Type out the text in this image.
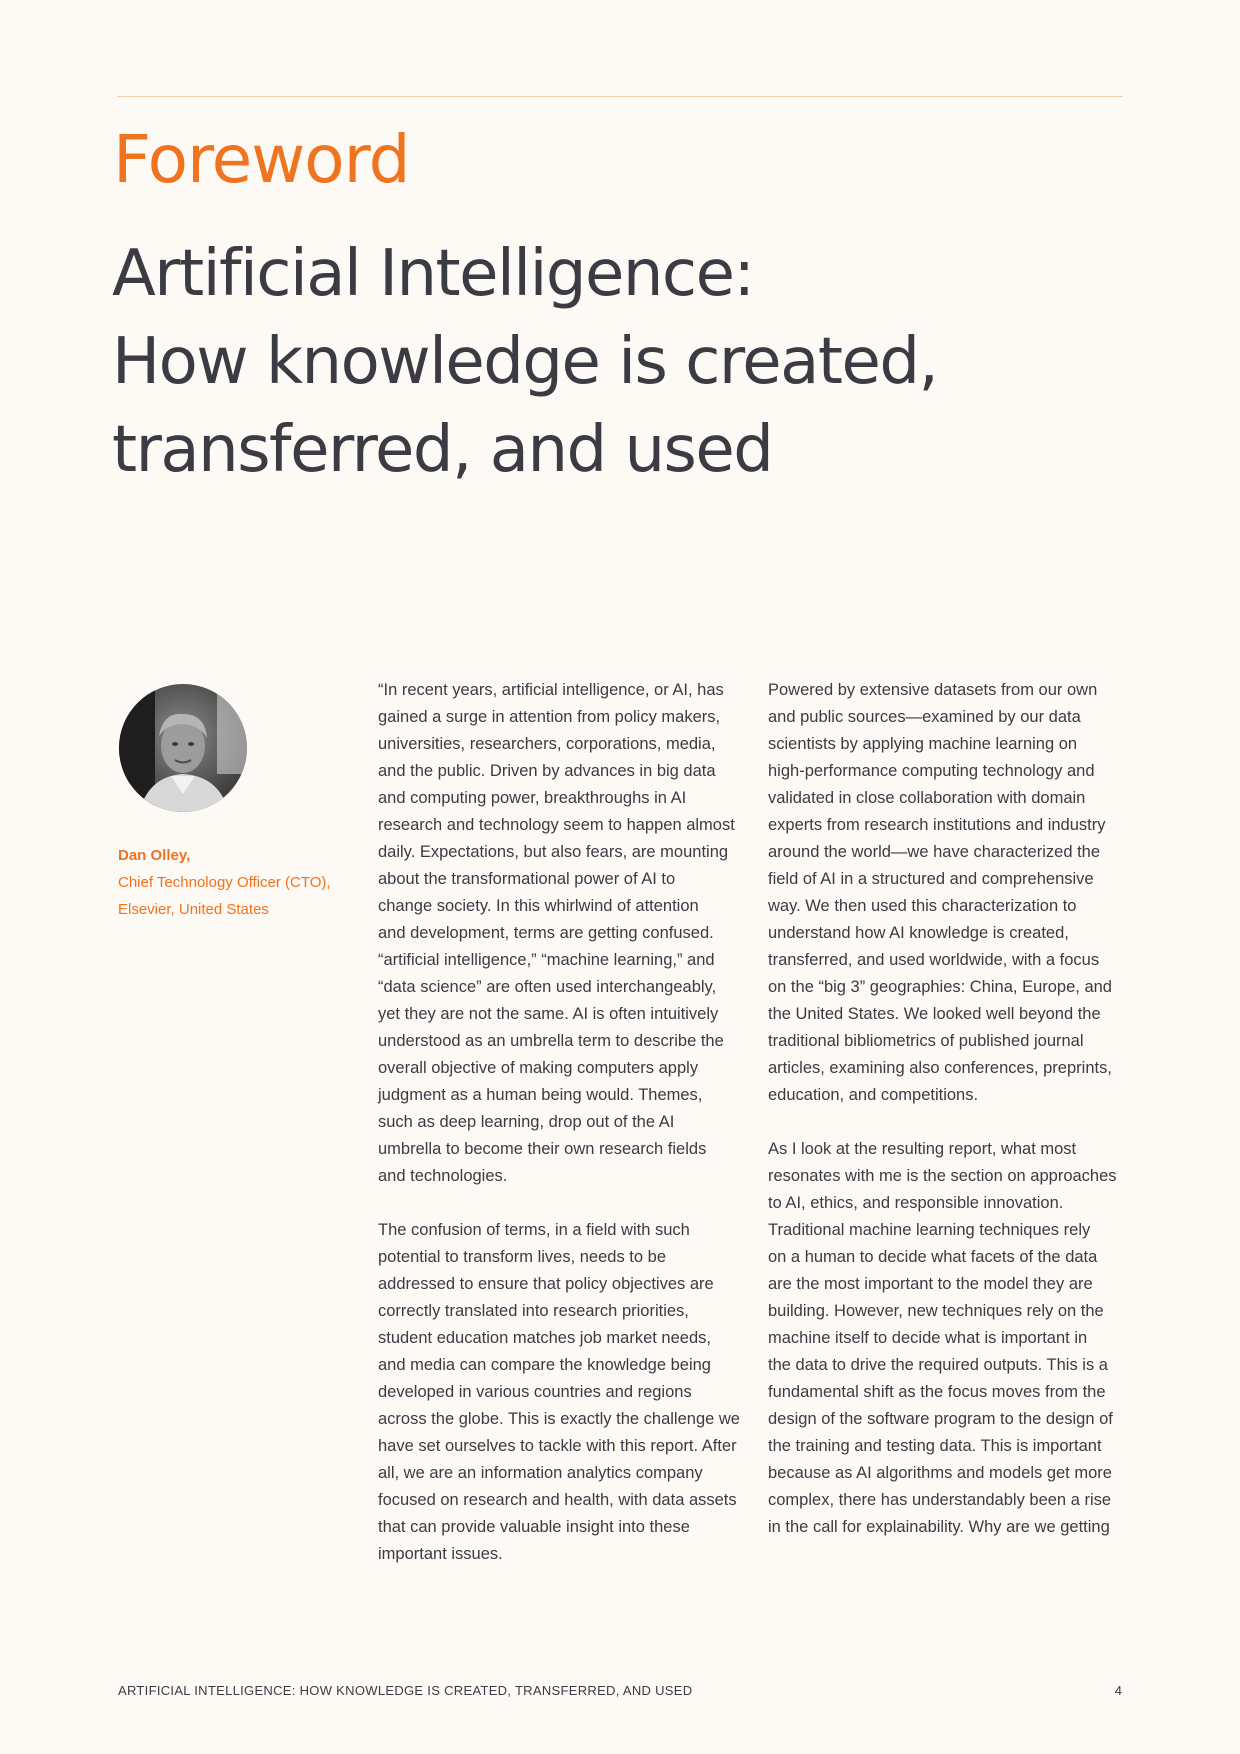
Foreword
Artificial Intelligence:
How knowledge is created,
transferred, and used
Dan Olley,
Chief Technology Officer (CTO),
Elsevier, United States
“In recent years, artificial intelligence, or AI, has
gained a surge in attention from policy makers,
universities, researchers, corporations, media,
and the public. Driven by advances in big data
and computing power, breakthroughs in AI
research and technology seem to happen almost
daily. Expectations, but also fears, are mounting
about the transformational power of AI to
change society. In this whirlwind of attention
and development, terms are getting confused.
“artificial intelligence,” “machine learning,” and
“data science” are often used interchangeably,
yet they are not the same. AI is often intuitively
understood as an umbrella term to describe the
overall objective of making computers apply
judgment as a human being would. Themes,
such as deep learning, drop out of the AI
umbrella to become their own research fields
and technologies.
The confusion of terms, in a field with such
potential to transform lives, needs to be
addressed to ensure that policy objectives are
correctly translated into research priorities,
student education matches job market needs,
and media can compare the knowledge being
developed in various countries and regions
across the globe. This is exactly the challenge we
have set ourselves to tackle with this report. After
all, we are an information analytics company
focused on research and health, with data assets
that can provide valuable insight into these
important issues.
Powered by extensive datasets from our own
and public sources—examined by our data
scientists by applying machine learning on
high-performance computing technology and
validated in close collaboration with domain
experts from research institutions and industry
around the world—we have characterized the
field of AI in a structured and comprehensive
way. We then used this characterization to
understand how AI knowledge is created,
transferred, and used worldwide, with a focus
on the “big 3” geographies: China, Europe, and
the United States. We looked well beyond the
traditional bibliometrics of published journal
articles, examining also conferences, preprints,
education, and competitions.
As I look at the resulting report, what most
resonates with me is the section on approaches
to AI, ethics, and responsible innovation.
Traditional machine learning techniques rely
on a human to decide what facets of the data
are the most important to the model they are
building. However, new techniques rely on the
machine itself to decide what is important in
the data to drive the required outputs. This is a
fundamental shift as the focus moves from the
design of the software program to the design of
the training and testing data. This is important
because as AI algorithms and models get more
complex, there has understandably been a rise
in the call for explainability. Why are we getting
ARTIFICIAL INTELLIGENCE: HOW KNOWLEDGE IS CREATED, TRANSFERRED, AND USED	4
